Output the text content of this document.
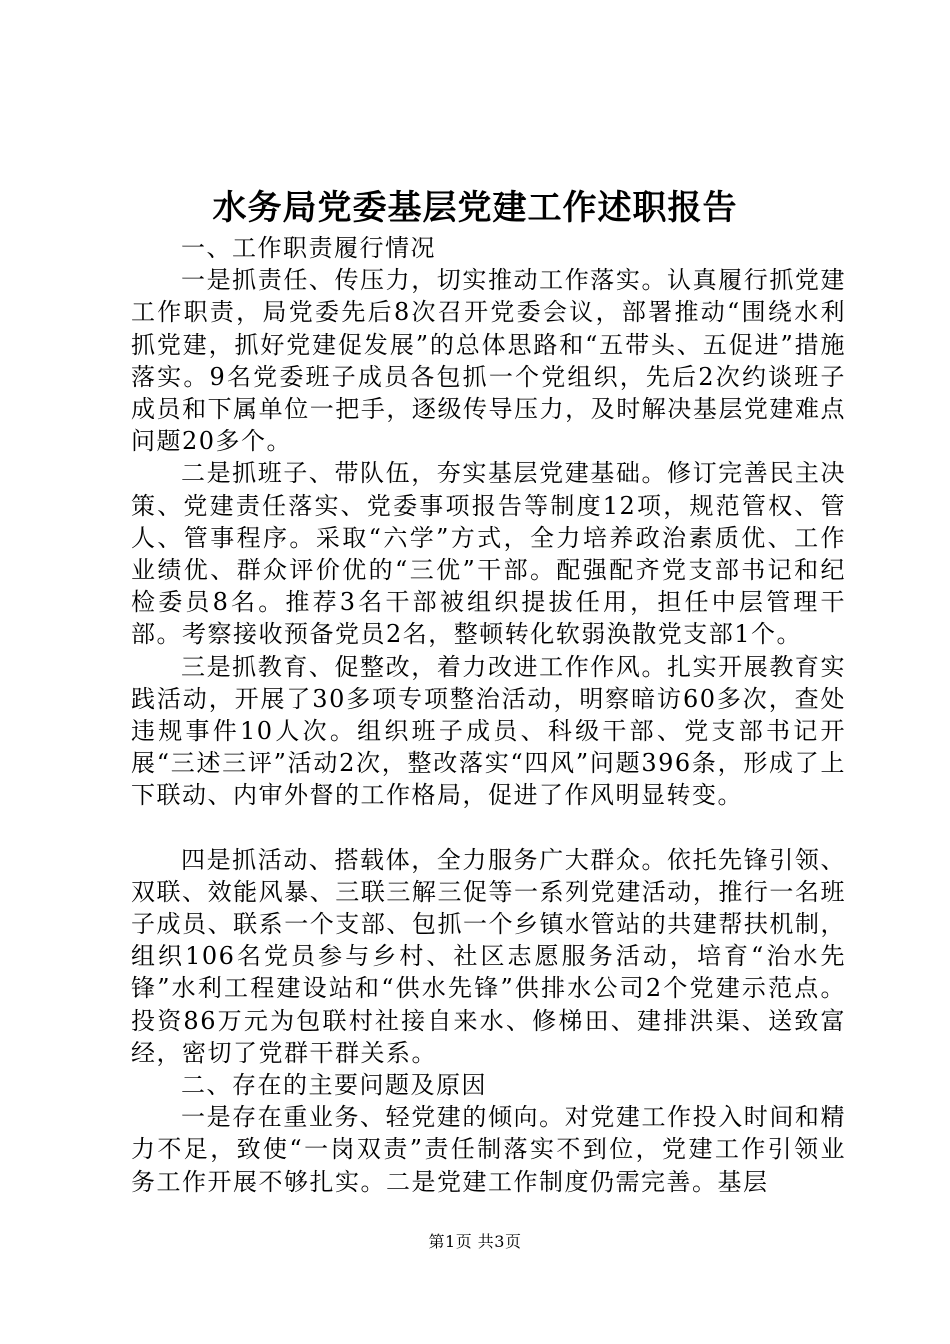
水务局党委基层党建工作述职报告

一、工作职责履行情况

一是抓责任、传压力，切实推动工作落实。认真履行抓党建工作职责，局党委先后8次召开党委会议，部署推动“围绕水利抓党建，抓好党建促发展”的总体思路和“五带头、五促进”措施落实。9名党委班子成员各包抓一个党组织，先后2次约谈班子成员和下属单位一把手，逐级传导压力，及时解决基层党建难点问题20多个。

二是抓班子、带队伍，夯实基层党建基础。修订完善民主决策、党建责任落实、党委事项报告等制度12项，规范管权、管人、管事程序。采取“六学”方式，全力培养政治素质优、工作业绩优、群众评价优的“三优”干部。配强配齐党支部书记和纪检委员8名。推荐3名干部被组织提拔任用，担任中层管理干部。考察接收预备党员2名，整顿转化软弱涣散党支部1个。

三是抓教育、促整改，着力改进工作作风。扎实开展教育实践活动，开展了30多项专项整治活动，明察暗访60多次，查处违规事件10人次。组织班子成员、科级干部、党支部书记开展“三述三评”活动2次，整改落实“四风”问题396条，形成了上下联动、内审外督的工作格局，促进了作风明显转变。

四是抓活动、搭载体，全力服务广大群众。依托先锋引领、双联、效能风暴、三联三解三促等一系列党建活动，推行一名班子成员、联系一个支部、包抓一个乡镇水管站的共建帮扶机制，组织106名党员参与乡村、社区志愿服务活动，培育“治水先锋”水利工程建设站和“供水先锋”供排水公司2个党建示范点。投资86万元为包联村社接自来水、修梯田、建排洪渠、送致富经，密切了党群干群关系。

二、存在的主要问题及原因

一是存在重业务、轻党建的倾向。对党建工作投入时间和精力不足，致使“一岗双责”责任制落实不到位，党建工作引领业务工作开展不够扎实。二是党建工作制度仍需完善。基层

第1页 共3页
